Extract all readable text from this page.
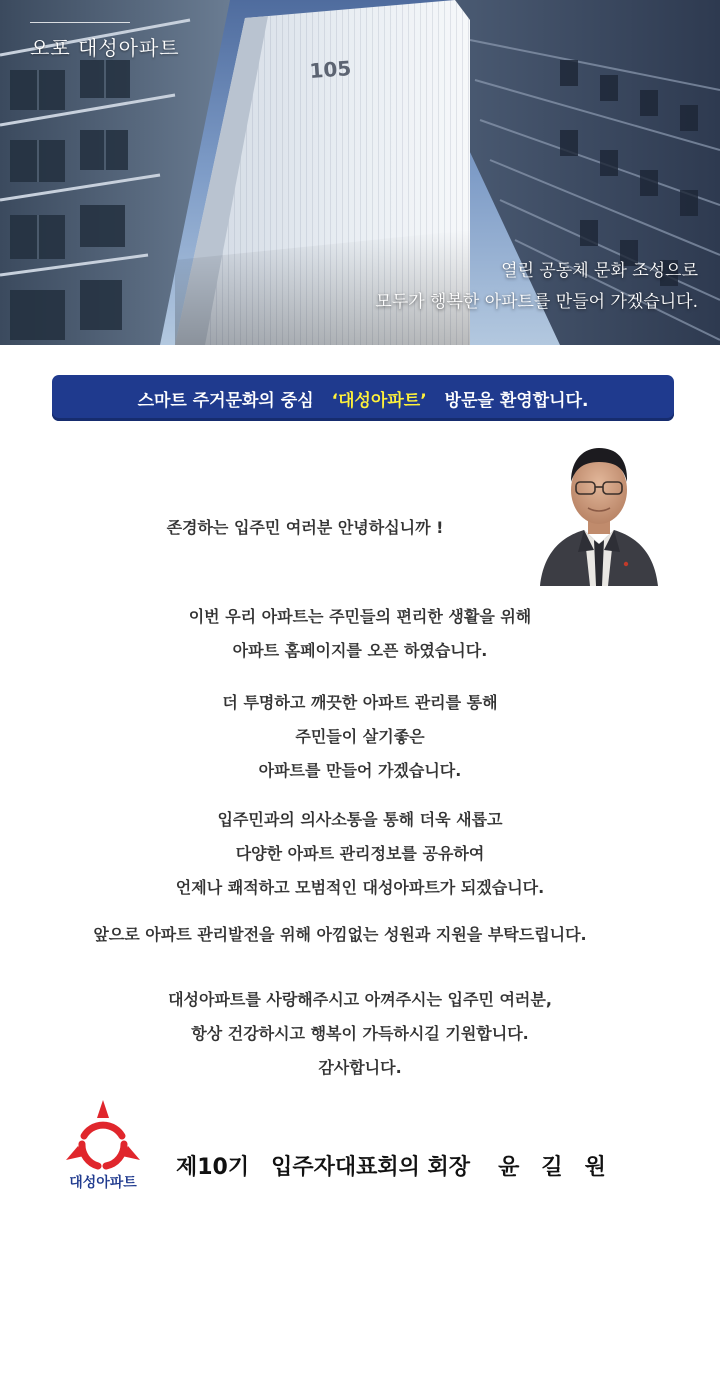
105
오포 대성아파트
열린 공동체 문화 조성으로
모두가 행복한 아파트를 만들어 가겠습니다.
스마트 주거문화의 중심 ‘대성아파트’ 방문을 환영합니다.

존경하는 입주민 여러분 안녕하십니까 !

이번 우리 아파트는 주민들의 편리한 생활을 위해

아파트 홈페이지를 오픈 하였습니다.

더 투명하고 깨끗한 아파트 관리를 통해

주민들이 살기좋은

아파트를 만들어 가겠습니다.

입주민과의 의사소통을 통해 더욱 새롭고

다양한 아파트 관리정보를 공유하여

언제나 쾌적하고 모범적인 대성아파트가 되겠습니다.

앞으로 아파트 관리발전을 위해 아낌없는 성원과 지원을 부탁드립니다.

대성아파트를 사랑해주시고 아껴주시는 입주민 여러분,

항상 건강하시고 행복이 가득하시길 기원합니다.

감사합니다.

대성아파트
제10기 입주자대표회의 회장 윤 길 원
